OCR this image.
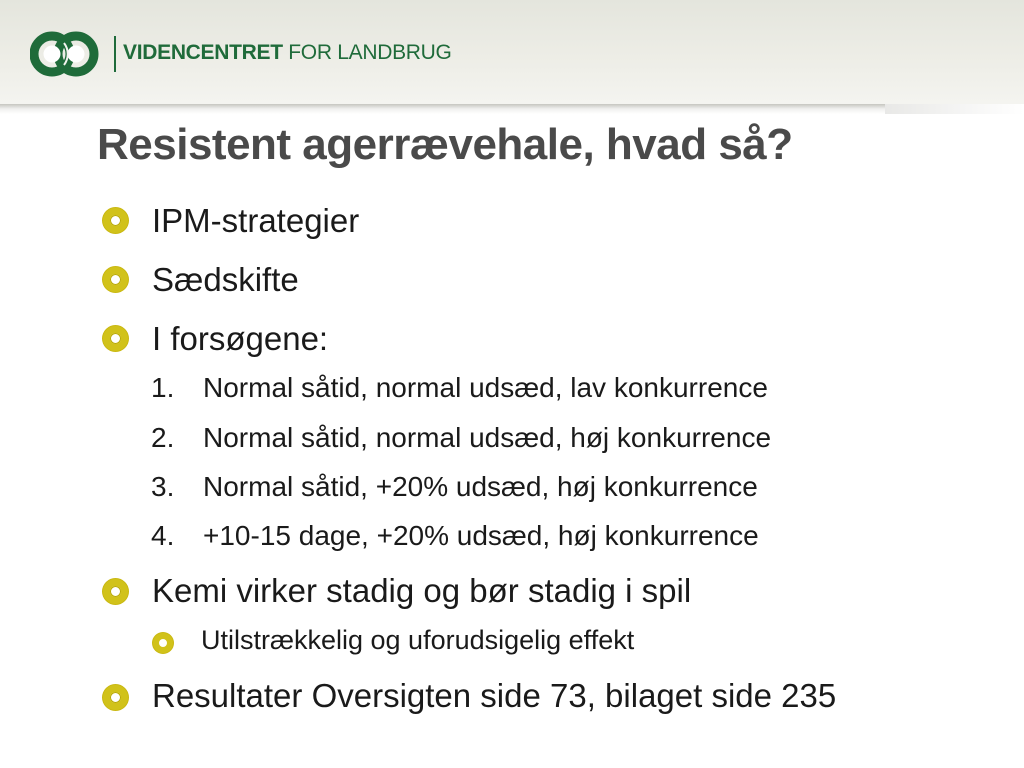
VIDENCENTRET FOR LANDBRUG
Resistent agerrævehale, hvad så?
IPM-strategier
Sædskifte
I forsøgene:
1. Normal såtid, normal udsæd, lav konkurrence
2. Normal såtid, normal udsæd, høj konkurrence
3. Normal såtid, +20% udsæd, høj konkurrence
4. +10-15 dage, +20% udsæd, høj konkurrence
Kemi virker stadig og bør stadig i spil
Utilstrækkelig og uforudsigelig effekt
Resultater Oversigten side 73, bilaget side 235
